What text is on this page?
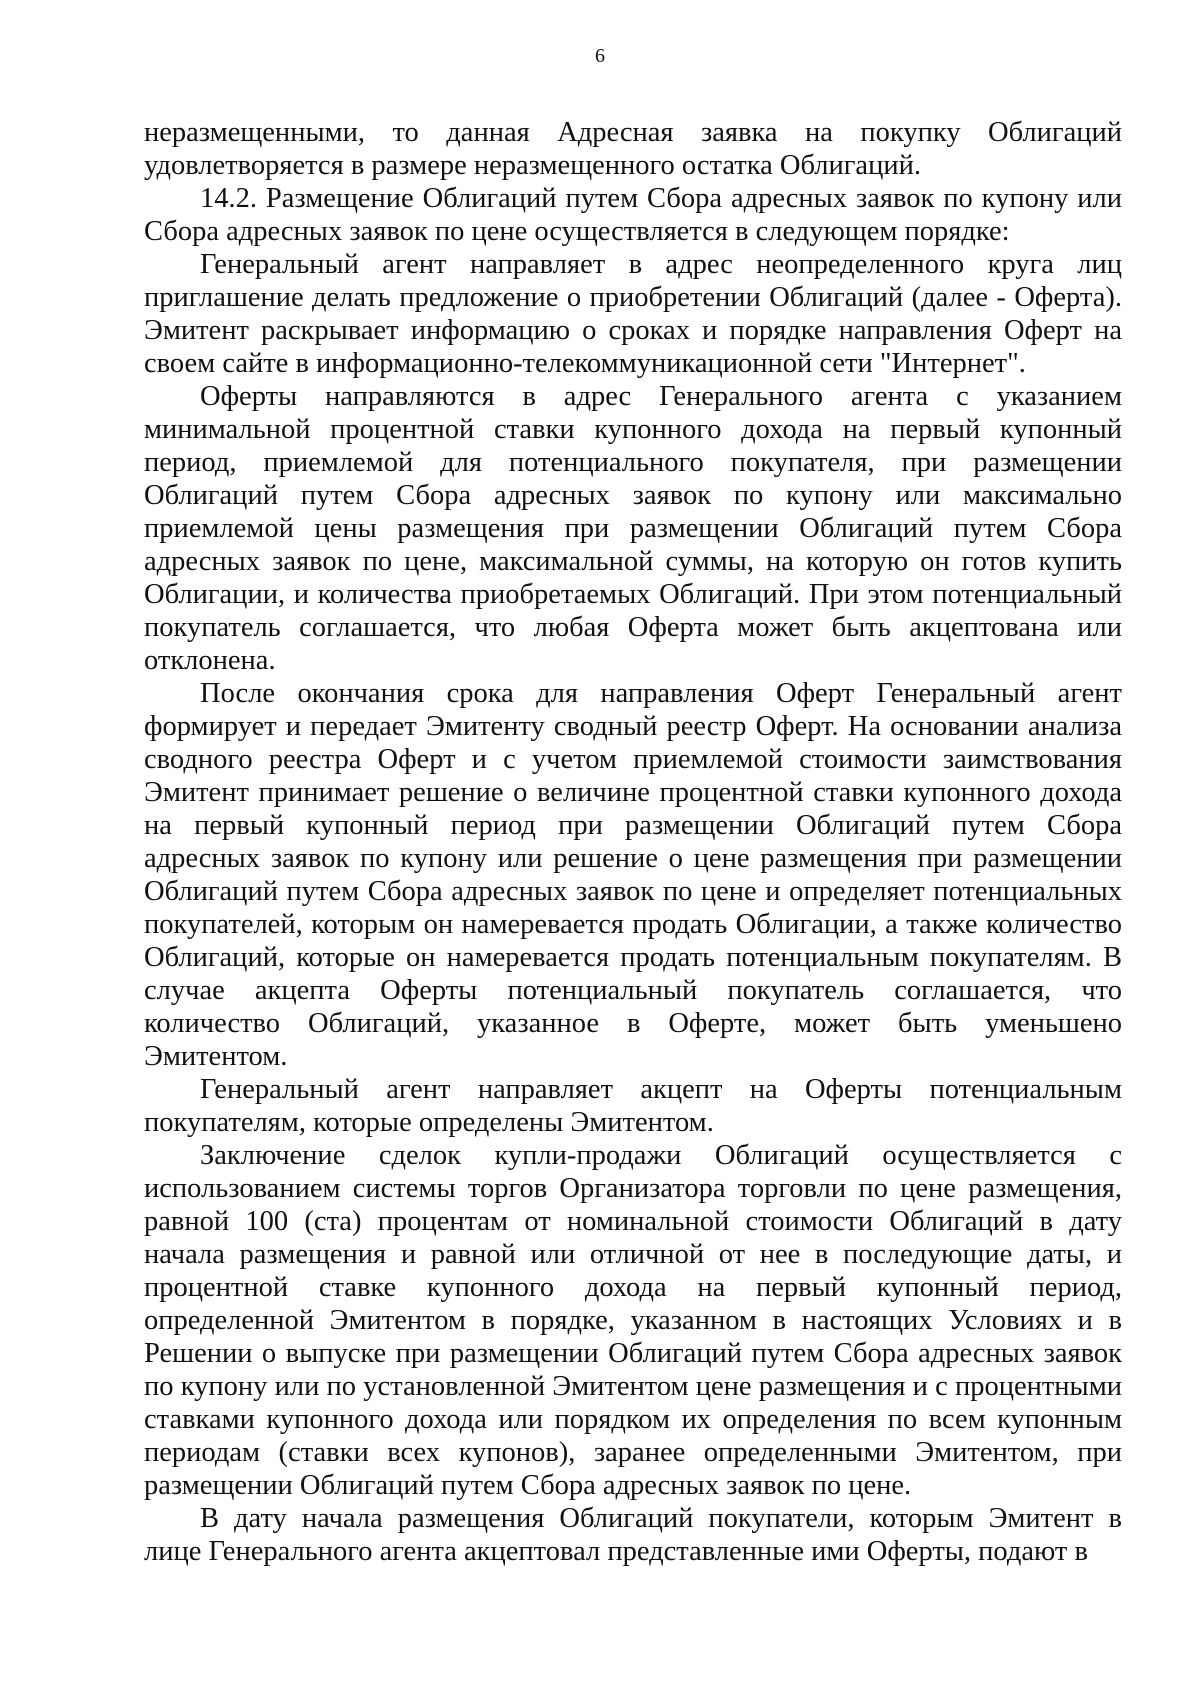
6

неразмещенными, то данная Адресная заявка на покупку Облигаций удовлетворяется в размере неразмещенного остатка Облигаций.

14.2. Размещение Облигаций путем Сбора адресных заявок по купону или Сбора адресных заявок по цене осуществляется в следующем порядке:

Генеральный агент направляет в адрес неопределенного круга лиц приглашение делать предложение о приобретении Облигаций (далее - Оферта). Эмитент раскрывает информацию о сроках и порядке направления Оферт на своем сайте в информационно-телекоммуникационной сети "Интернет".

Оферты направляются в адрес Генерального агента с указанием минимальной процентной ставки купонного дохода на первый купонный период, приемлемой для потенциального покупателя, при размещении Облигаций путем Сбора адресных заявок по купону или максимально приемлемой цены размещения при размещении Облигаций путем Сбора адресных заявок по цене, максимальной суммы, на которую он готов купить Облигации, и количества приобретаемых Облигаций. При этом потенциальный покупатель соглашается, что любая Оферта может быть акцептована или отклонена.

После окончания срока для направления Оферт Генеральный агент формирует и передает Эмитенту сводный реестр Оферт. На основании анализа сводного реестра Оферт и с учетом приемлемой стоимости заимствования Эмитент принимает решение о величине процентной ставки купонного дохода на первый купонный период при размещении Облигаций путем Сбора адресных заявок по купону или решение о цене размещения при размещении Облигаций путем Сбора адресных заявок по цене и определяет потенциальных покупателей, которым он намеревается продать Облигации, а также количество Облигаций, которые он намеревается продать потенциальным покупателям. В случае акцепта Оферты потенциальный покупатель соглашается, что количество Облигаций, указанное в Оферте, может быть уменьшено Эмитентом.

Генеральный агент направляет акцепт на Оферты потенциальным покупателям, которые определены Эмитентом.

Заключение сделок купли-продажи Облигаций осуществляется с использованием системы торгов Организатора торговли по цене размещения, равной 100 (ста) процентам от номинальной стоимости Облигаций в дату начала размещения и равной или отличной от нее в последующие даты, и процентной ставке купонного дохода на первый купонный период, определенной Эмитентом в порядке, указанном в настоящих Условиях и в Решении о выпуске при размещении Облигаций путем Сбора адресных заявок по купону или по установленной Эмитентом цене размещения и с процентными ставками купонного дохода или порядком их определения по всем купонным периодам (ставки всех купонов), заранее определенными Эмитентом, при размещении Облигаций путем Сбора адресных заявок по цене.

В дату начала размещения Облигаций покупатели, которым Эмитент в лице Генерального агента акцептовал представленные ими Оферты, подают в
